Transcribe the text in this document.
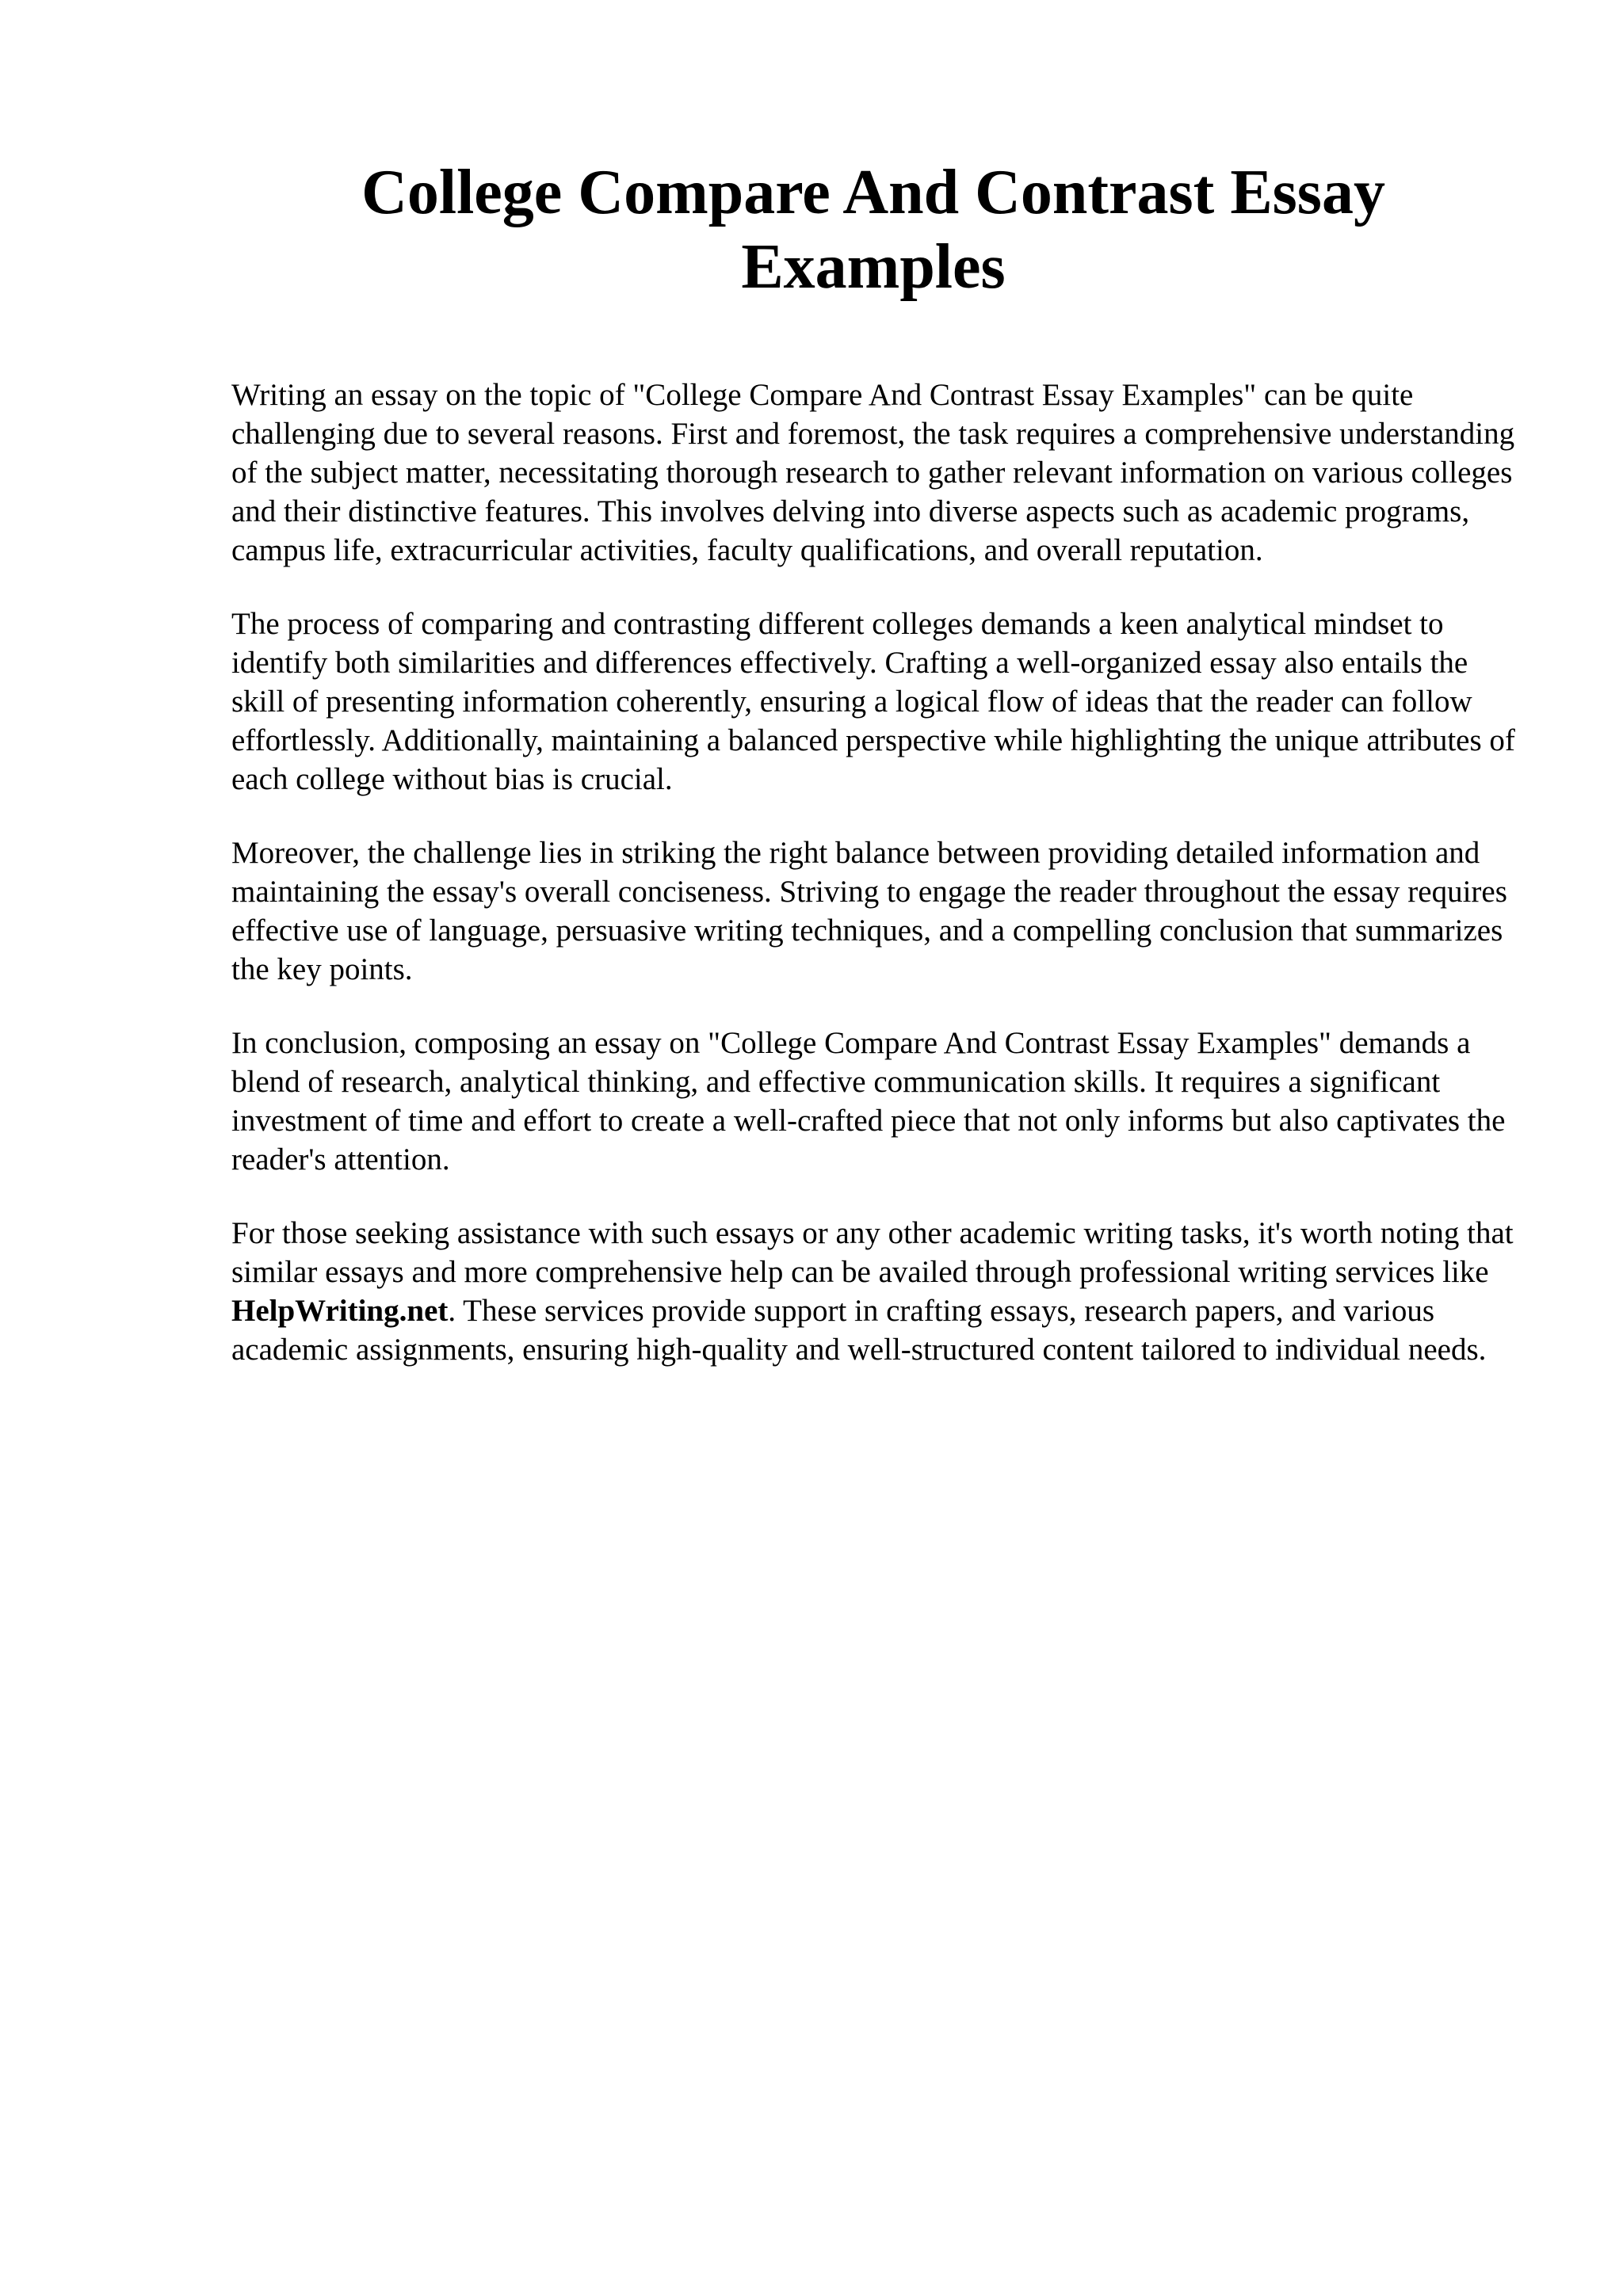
College Compare And Contrast Essay Examples

Writing an essay on the topic of "College Compare And Contrast Essay Examples" can be quite challenging due to several reasons. First and foremost, the task requires a comprehensive understanding of the subject matter, necessitating thorough research to gather relevant information on various colleges and their distinctive features. This involves delving into diverse aspects such as academic programs, campus life, extracurricular activities, faculty qualifications, and overall reputation.

The process of comparing and contrasting different colleges demands a keen analytical mindset to identify both similarities and differences effectively. Crafting a well-organized essay also entails the skill of presenting information coherently, ensuring a logical flow of ideas that the reader can follow effortlessly. Additionally, maintaining a balanced perspective while highlighting the unique attributes of each college without bias is crucial.

Moreover, the challenge lies in striking the right balance between providing detailed information and maintaining the essay's overall conciseness. Striving to engage the reader throughout the essay requires effective use of language, persuasive writing techniques, and a compelling conclusion that summarizes the key points.

In conclusion, composing an essay on "College Compare And Contrast Essay Examples" demands a blend of research, analytical thinking, and effective communication skills. It requires a significant investment of time and effort to create a well-crafted piece that not only informs but also captivates the reader's attention.

For those seeking assistance with such essays or any other academic writing tasks, it's worth noting that similar essays and more comprehensive help can be availed through professional writing services like HelpWriting.net. These services provide support in crafting essays, research papers, and various academic assignments, ensuring high-quality and well-structured content tailored to individual needs.
